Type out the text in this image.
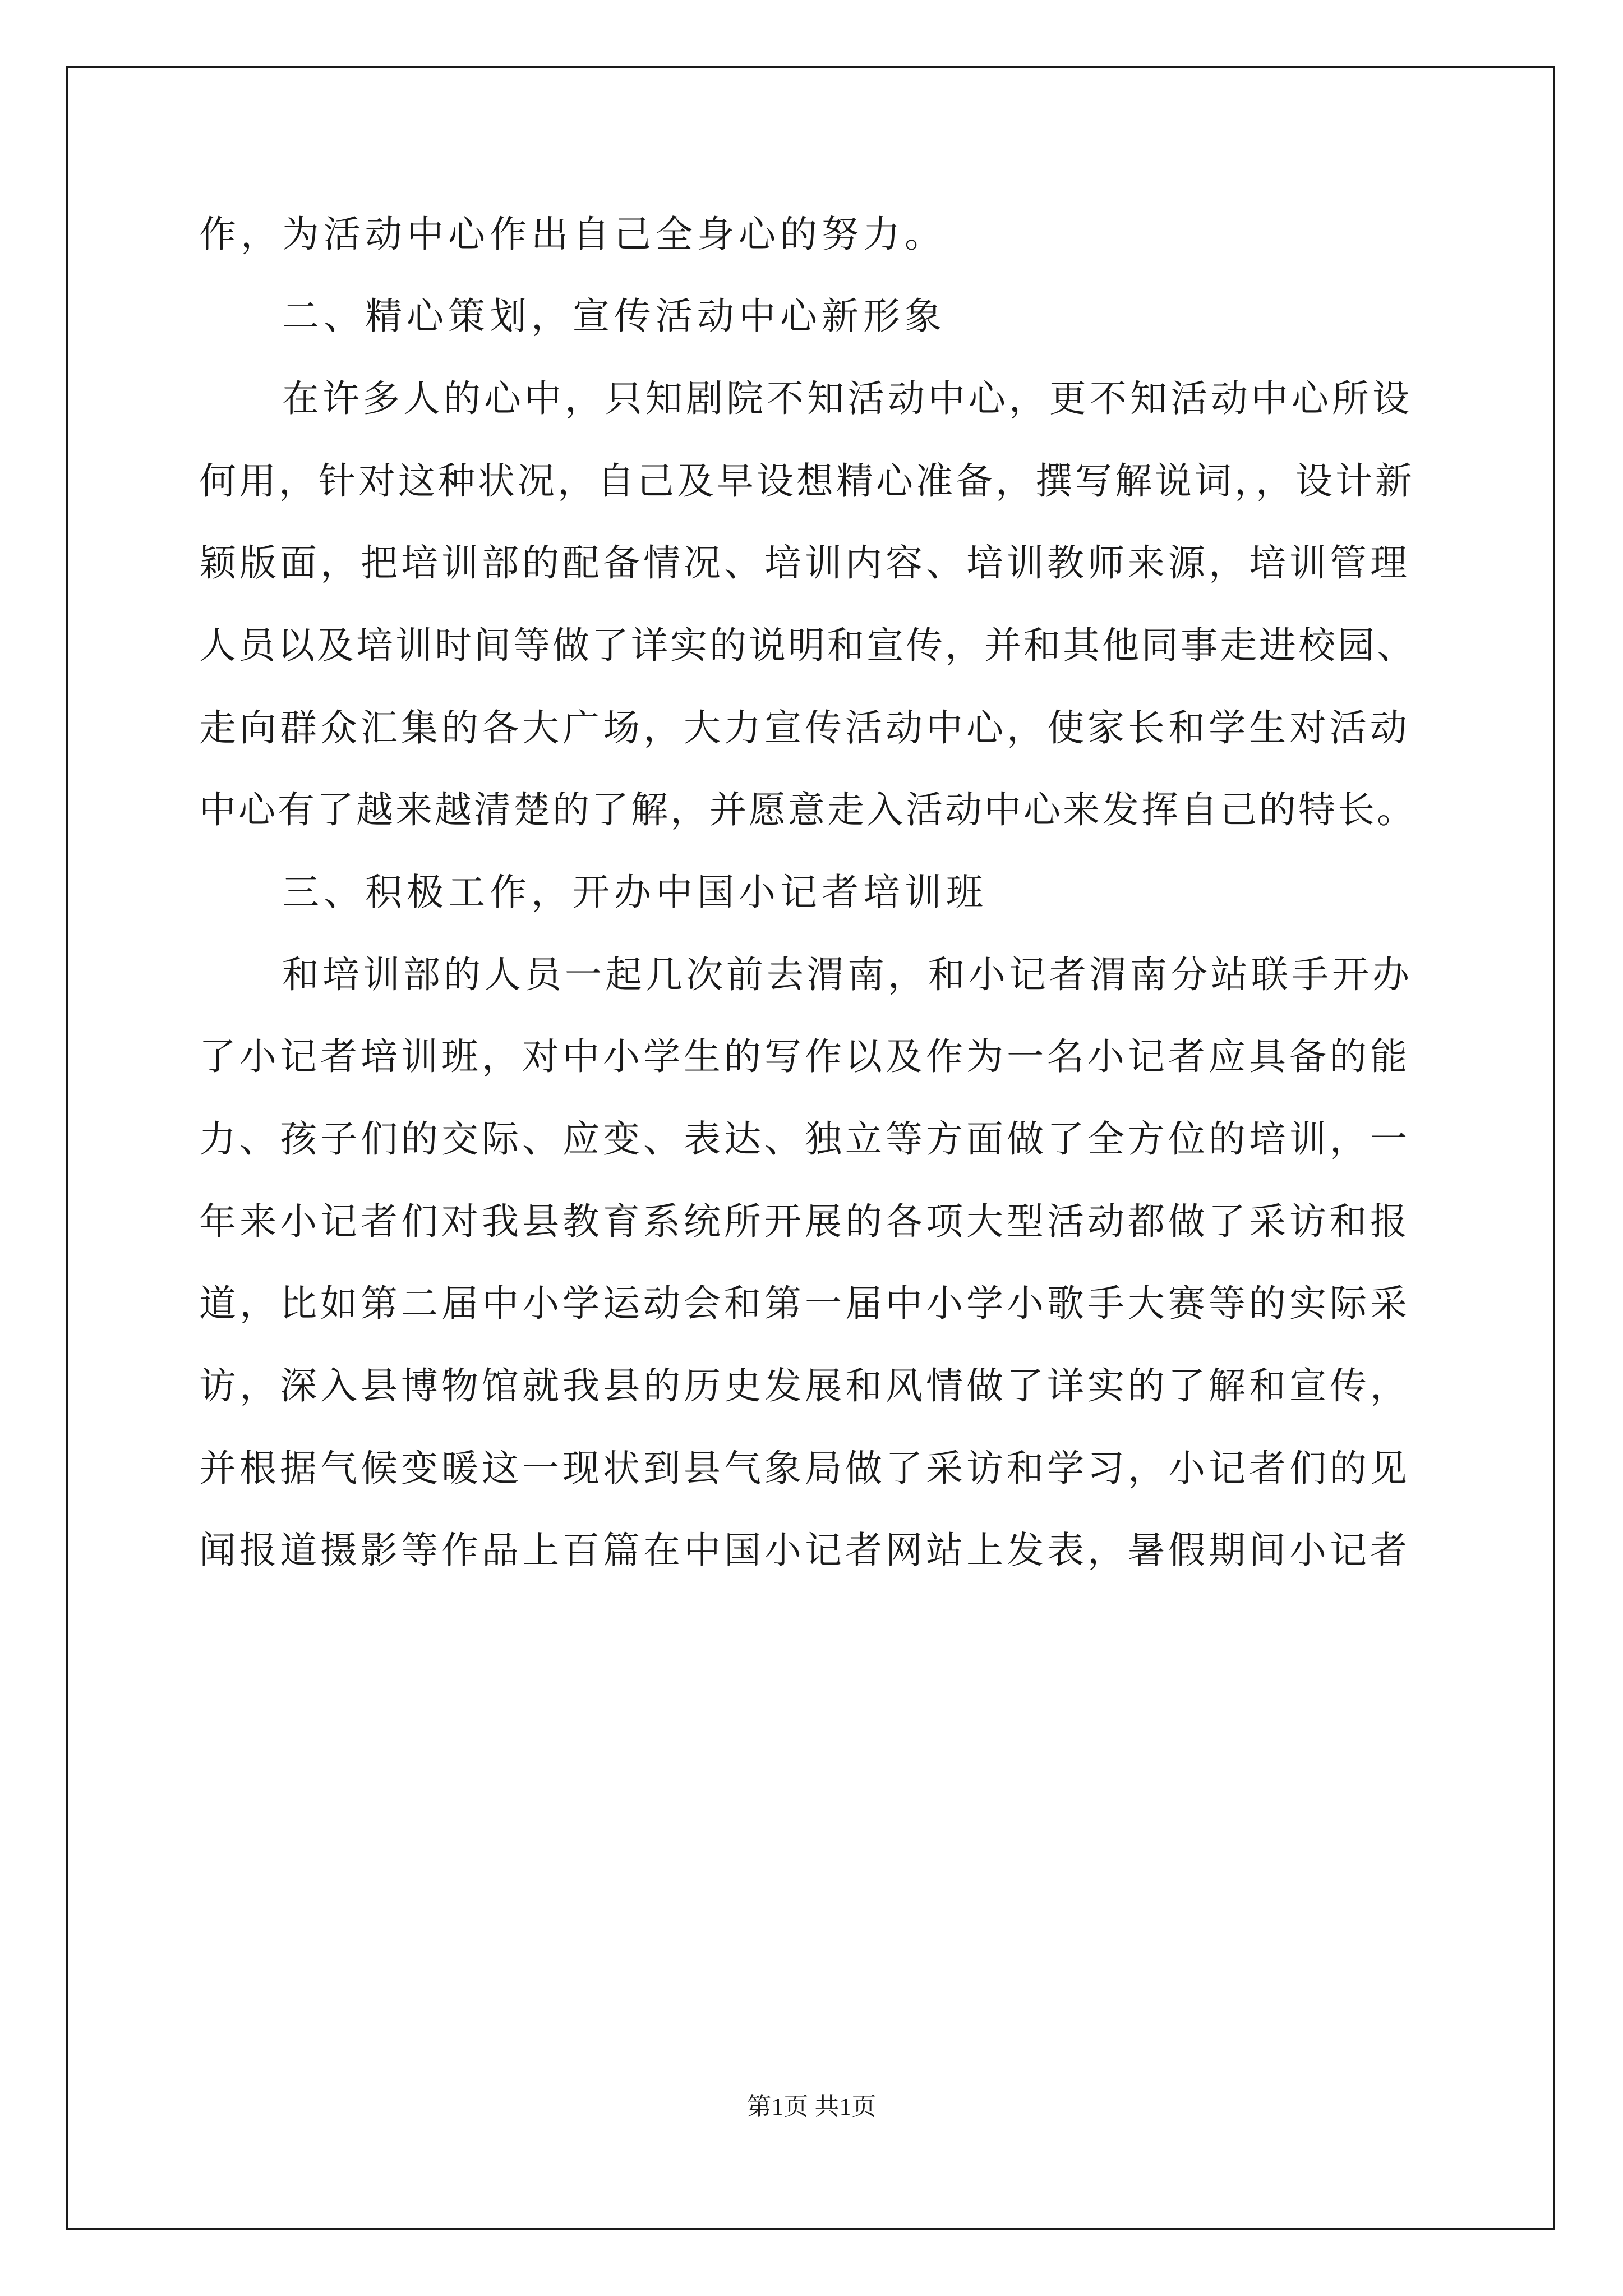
作，为活动中心作出自己全身心的努力。
二、精心策划，宣传活动中心新形象
在许多人的心中，只知剧院不知活动中心，更不知活动中心所设
何用，针对这种状况，自己及早设想精心准备，撰写解说词，，设计新
颖版面，把培训部的配备情况、培训内容、培训教师来源，培训管理
人员以及培训时间等做了详实的说明和宣传，并和其他同事走进校园、
走向群众汇集的各大广场，大力宣传活动中心，使家长和学生对活动
中心有了越来越清楚的了解，并愿意走入活动中心来发挥自己的特长。
三、积极工作，开办中国小记者培训班
和培训部的人员一起几次前去渭南，和小记者渭南分站联手开办
了小记者培训班，对中小学生的写作以及作为一名小记者应具备的能
力、孩子们的交际、应变、表达、独立等方面做了全方位的培训，一
年来小记者们对我县教育系统所开展的各项大型活动都做了采访和报
道，比如第二届中小学运动会和第一届中小学小歌手大赛等的实际采
访，深入县博物馆就我县的历史发展和风情做了详实的了解和宣传，
并根据气候变暖这一现状到县气象局做了采访和学习，小记者们的见
闻报道摄影等作品上百篇在中国小记者网站上发表，暑假期间小记者
第1页 共1页
